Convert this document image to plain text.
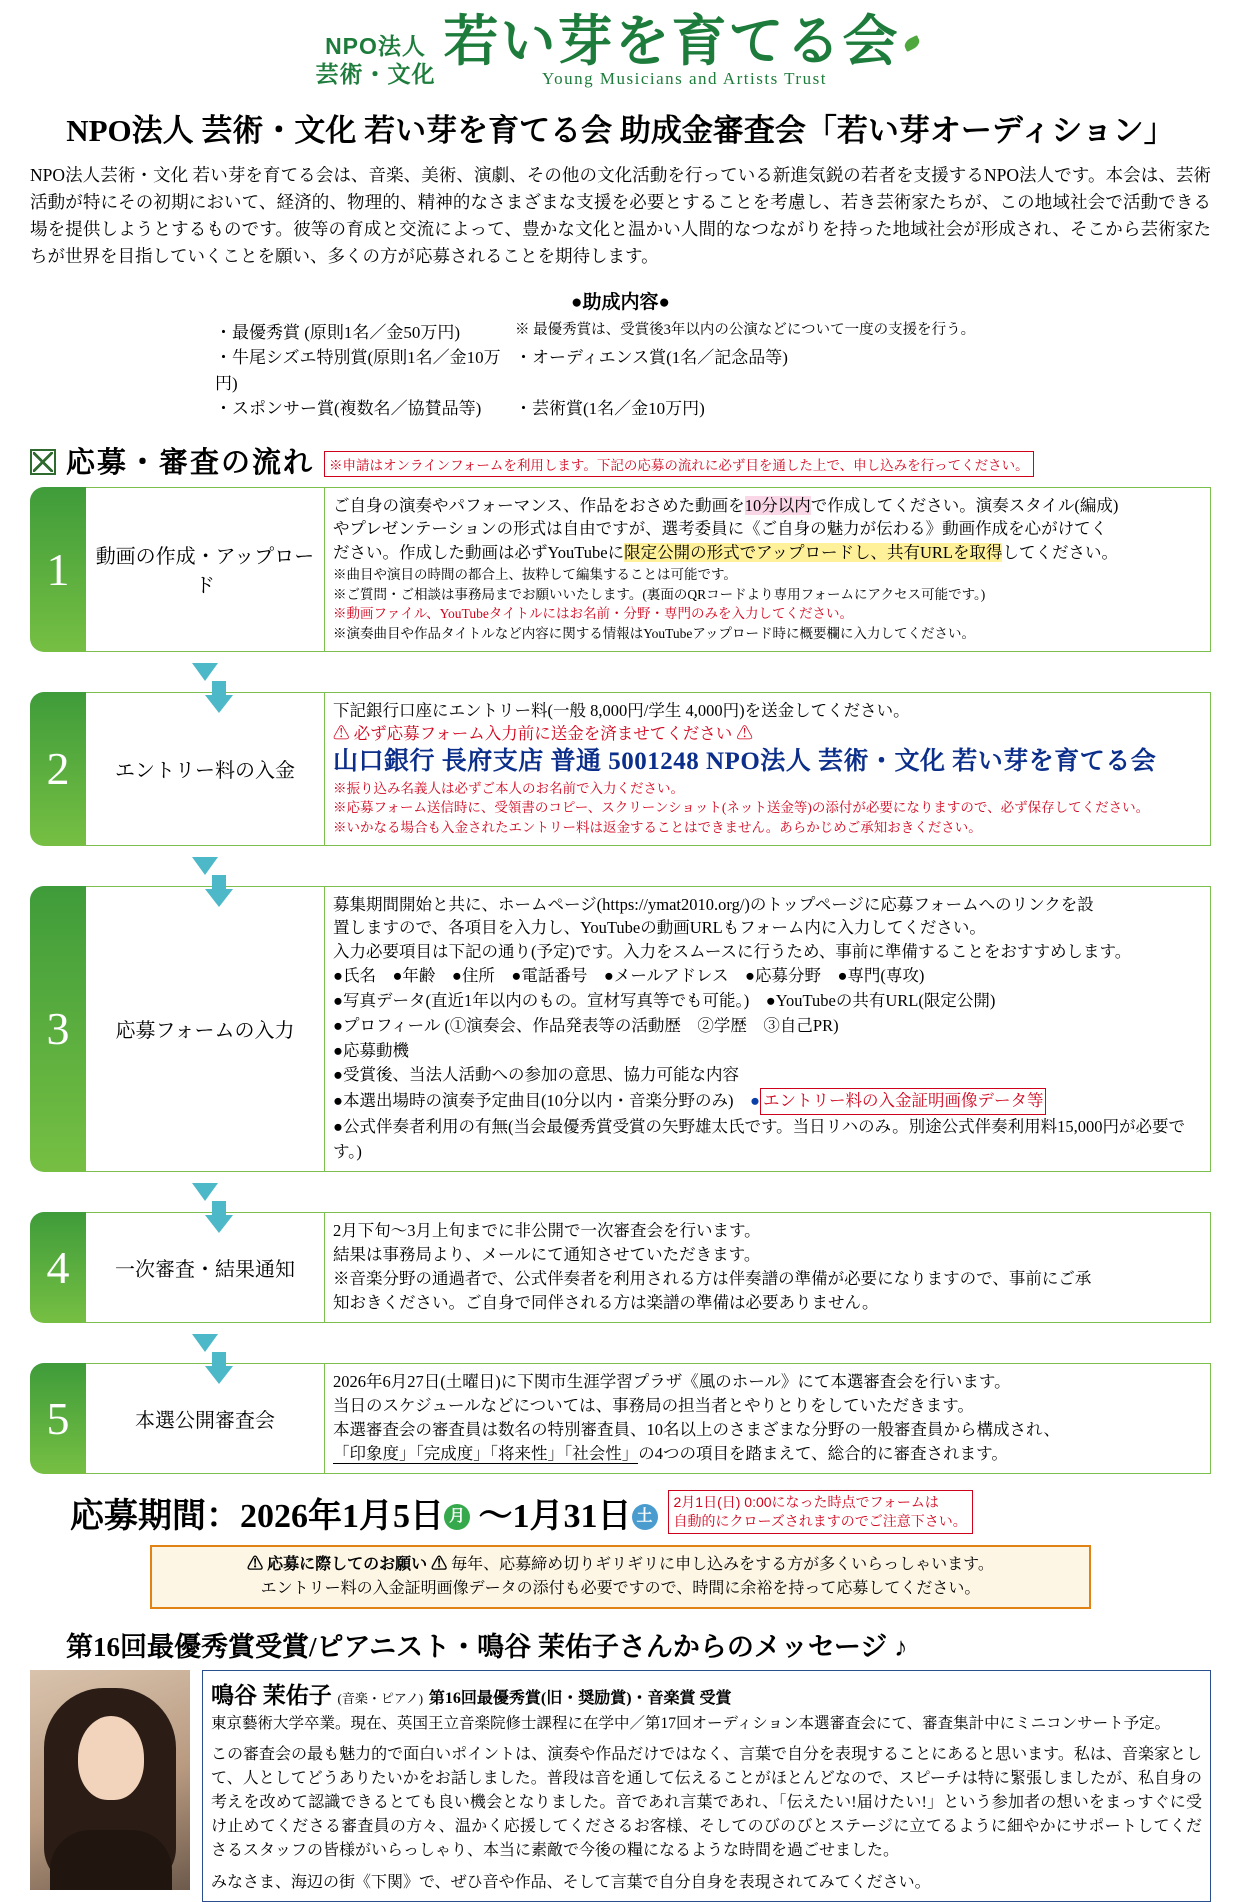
NPO法人
芸術・文化
若い芽を育てる会
Young Musicians and Artists Trust
NPO法人 芸術・文化 若い芽を育てる会 助成金審査会「若い芽オーディション」

NPO法人芸術・文化 若い芽を育てる会は、音楽、美術、演劇、その他の文化活動を行っている新進気鋭の若者を支援するNPO法人です。本会は、芸術活動が特にその初期において、経済的、物理的、精神的なさまざまな支援を必要とすることを考慮し、若き芸術家たちが、この地域社会で活動できる場を提供しようとするものです。彼等の育成と交流によって、豊かな文化と温かい人間的なつながりを持った地域社会が形成され、そこから芸術家たちが世界を目指していくことを願い、多くの方が応募されることを期待します。

●助成内容●
・最優秀賞 (原則1名／金50万円)	※ 最優秀賞は、受賞後3年以内の公演などについて一度の支援を行う。
・牛尾シズエ特別賞(原則1名／金10万円)
・オーディエンス賞(1名／記念品等)
・スポンサー賞(複数名／協賛品等)	・芸術賞(1名／金10万円)
応募・審査の流れ	※申請はオンラインフォームを利用します。下記の応募の流れに必ず目を通した上で、申し込みを行ってください。
1	動画の作成・アップロード
ご自身の演奏やパフォーマンス、作品をおさめた動画を10分以内で作成してください。演奏スタイル(編成)
やプレゼンテーションの形式は自由ですが、選考委員に《ご自身の魅力が伝わる》動画作成を心がけてく
ださい。作成した動画は必ずYouTubeに限定公開の形式でアップロードし、共有URLを取得してください。
※曲目や演目の時間の都合上、抜粋して編集することは可能です。
※ご質問・ご相談は事務局までお願いいたします。(裏面のQRコードより専用フォームにアクセス可能です。)
※動画ファイル、YouTubeタイトルにはお名前・分野・専門のみを入力してください。
※演奏曲目や作品タイトルなど内容に関する情報はYouTubeアップロード時に概要欄に入力してください。
2	エントリー料の入金
下記銀行口座にエントリー料(一般 8,000円/学生 4,000円)を送金してください。
⚠ 必ず応募フォーム入力前に送金を済ませてください ⚠
山口銀行 長府支店 普通 5001248 NPO法人 芸術・文化 若い芽を育てる会
※振り込み名義人は必ずご本人のお名前で入力ください。
※応募フォーム送信時に、受領書のコピー、スクリーンショット(ネット送金等)の添付が必要になりますので、必ず保存してください。
※いかなる場合も入金されたエントリー料は返金することはできません。あらかじめご承知おきください。
3	応募フォームの入力
募集期間開始と共に、ホームページ(https://ymat2010.org/)のトップページに応募フォームへのリンクを設
置しますので、各項目を入力し、YouTubeの動画URLもフォーム内に入力してください。
入力必要項目は下記の通り(予定)です。入力をスムースに行うため、事前に準備することをおすすめします。
●氏名　●年齢　●住所　●電話番号　●メールアドレス　●応募分野　●専門(専攻)
●写真データ(直近1年以内のもの。宣材写真等でも可能。)　●YouTubeの共有URL(限定公開)
●プロフィール (①演奏会、作品発表等の活動歴　②学歴　③自己PR)
●応募動機
●受賞後、当法人活動への参加の意思、協力可能な内容
●本選出場時の演奏予定曲目(10分以内・音楽分野のみ)　● エントリー料の入金証明画像データ等
●公式伴奏者利用の有無(当会最優秀賞受賞の矢野雄太氏です。当日リハのみ。別途公式伴奏利用料15,000円が必要です。)
4	一次審査・結果通知
2月下旬〜3月上旬までに非公開で一次審査会を行います。
結果は事務局より、メールにて通知させていただきます。
※音楽分野の通過者で、公式伴奏者を利用される方は伴奏譜の準備が必要になりますので、事前にご承
知おきください。ご自身で同伴される方は楽譜の準備は必要ありません。
5	本選公開審査会
2026年6月27日(土曜日)に下関市生涯学習プラザ《風のホール》にて本選審査会を行います。
当日のスケジュールなどについては、事務局の担当者とやりとりをしていただきます。
本選審査会の審査員は数名の特別審査員、10名以上のさまざまな分野の一般審査員から構成され、
「印象度」「完成度」「将来性」「社会性」の4つの項目を踏まえて、総合的に審査されます。
応募期間：2026年1月5日 月 〜1月31日 土
2月1日(日) 0:00になった時点でフォームは
自動的にクローズされますのでご注意下さい。
⚠ 応募に際してのお願い ⚠ 毎年、応募締め切りギリギリに申し込みをする方が多くいらっしゃいます。
エントリー料の入金証明画像データの添付も必要ですので、時間に余裕を持って応募してください。
第16回最優秀賞受賞/ピアニスト・鳴谷 茉佑子さんからのメッセージ ♪
鳴谷 茉佑子 (音楽・ピアノ) 第16回最優秀賞(旧・奨励賞)・音楽賞 受賞
東京藝術大学卒業。現在、英国王立音楽院修士課程に在学中／第17回オーディション本選審査会にて、審査集計中にミニコンサート予定。
この審査会の最も魅力的で面白いポイントは、演奏や作品だけではなく、言葉で自分を表現することにあると思います。私は、音楽家として、人としてどうありたいかをお話しました。普段は音を通して伝えることがほとんどなので、スピーチは特に緊張しましたが、私自身の考えを改めて認識できるとても良い機会となりました。音であれ言葉であれ、「伝えたい!届けたい!」という参加者の想いをまっすぐに受け止めてくださる審査員の方々、温かく応援してくださるお客様、そしてのびのびとステージに立てるように細やかにサポートしてくださるスタッフの皆様がいらっしゃり、本当に素敵で今後の糧になるような時間を過ごせました。
みなさま、海辺の街《下関》で、ぜひ音や作品、そして言葉で自分自身を表現されてみてください。
